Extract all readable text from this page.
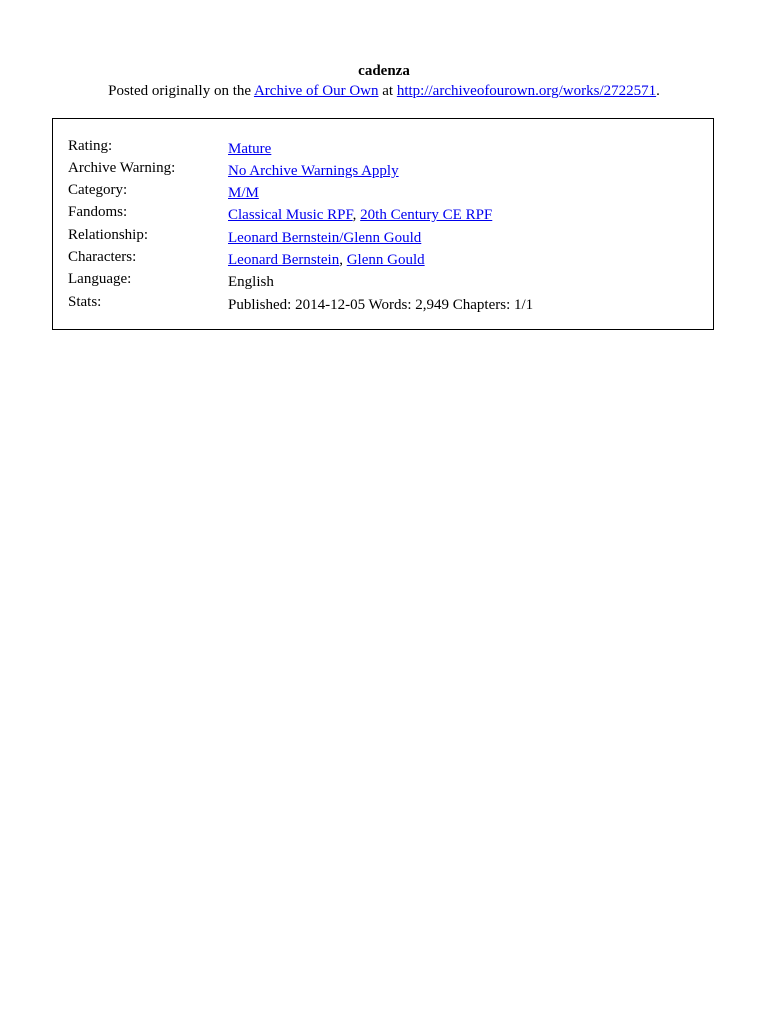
cadenza
Posted originally on the Archive of Our Own at http://archiveofourown.org/works/2722571.
Rating:	Mature
Archive Warning:	No Archive Warnings Apply
Category:	M/M
Fandoms:	Classical Music RPF, 20th Century CE RPF
Relationship:	Leonard Bernstein/Glenn Gould
Characters:	Leonard Bernstein, Glenn Gould
Language:	English
Stats:	Published: 2014-12-05 Words: 2,949 Chapters: 1/1
